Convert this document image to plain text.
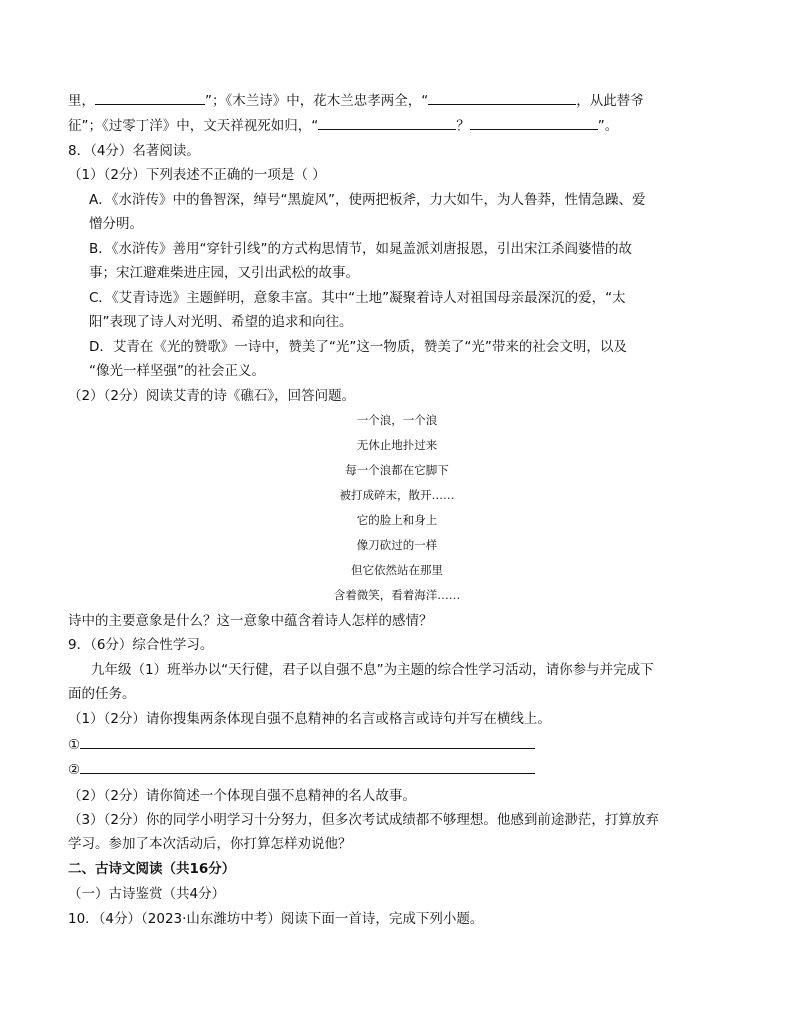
里，	”；《木兰诗》中，花木兰忠孝两全，“	，从此替爷
征”；《过零丁洋》中，文天祥视死如归，“	？	”。
8．（4分）名著阅读。
（1）（2分）下列表述不正确的一项是（ ）
A．《水浒传》中的鲁智深，绰号“黑旋风”，使两把板斧，力大如牛，为人鲁莽，性情急躁、爱
憎分明。
B．《水浒传》善用“穿针引线”的方式构思情节，如晁盖派刘唐报恩，引出宋江杀阎婆惜的故
事；宋江避难柴进庄园，又引出武松的故事。
C．《艾青诗选》主题鲜明，意象丰富。其中“土地”凝聚着诗人对祖国母亲最深沉的爱，“太
阳”表现了诗人对光明、希望的追求和向往。
D．艾青在《光的赞歌》一诗中，赞美了“光”这一物质，赞美了“光”带来的社会文明，以及
“像光一样坚强”的社会正义。
（2）（2分）阅读艾青的诗《礁石》，回答问题。
一个浪，一个浪
无休止地扑过来
每一个浪都在它脚下
被打成碎末，散开……
它的脸上和身上
像刀砍过的一样
但它依然站在那里
含着微笑，看着海洋……
诗中的主要意象是什么？这一意象中蕴含着诗人怎样的感情？
9．（6分）综合性学习。
九年级（1）班举办以“天行健，君子以自强不息”为主题的综合性学习活动，请你参与并完成下
面的任务。
（1）（2分）请你搜集两条体现自强不息精神的名言或格言或诗句并写在横线上。
①
②
（2）（2分）请你简述一个体现自强不息精神的名人故事。
（3）（2分）你的同学小明学习十分努力，但多次考试成绩都不够理想。他感到前途渺茫，打算放弃
学习。参加了本次活动后，你打算怎样劝说他？
二、古诗文阅读（共16分）
（一）古诗鉴赏（共4分）
10．（4分）（2023·山东潍坊中考）阅读下面一首诗，完成下列小题。
